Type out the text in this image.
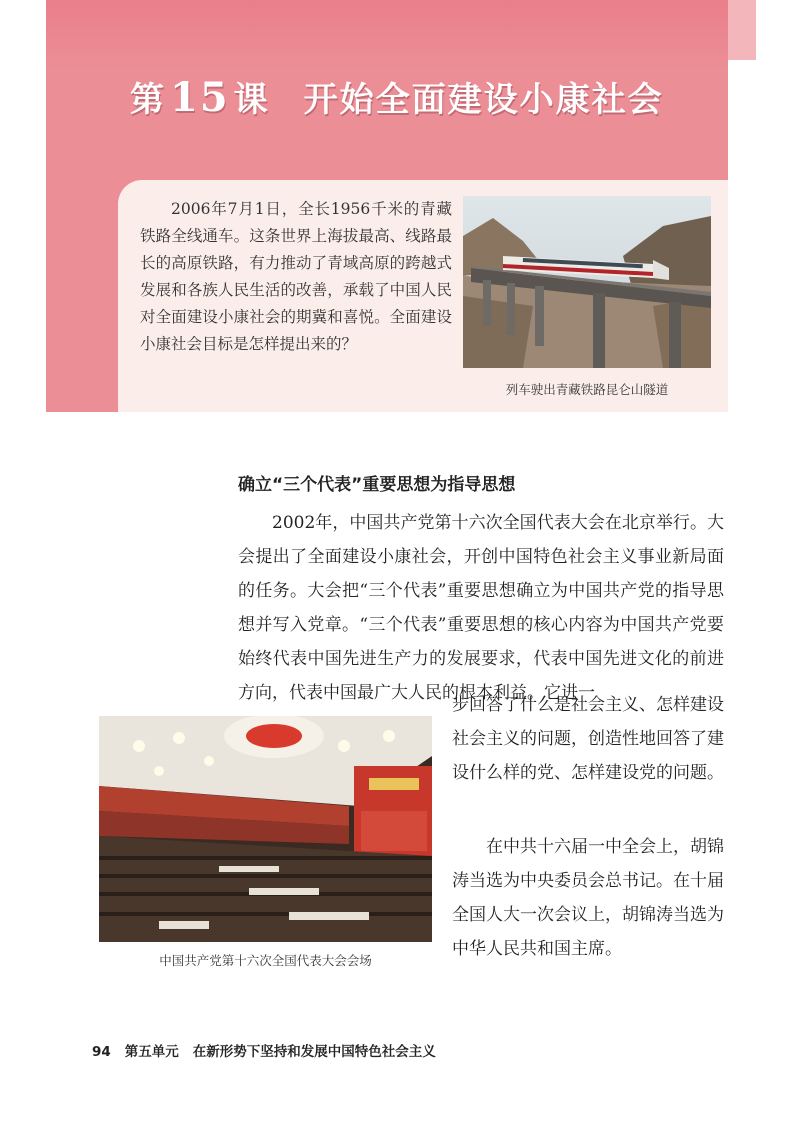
第 15 课 开始全面建设小康社会

2006年7月1日，全长1956千米的青藏铁路全线通车。这条世界上海拔最高、线路最长的高原铁路，有力推动了青域高原的跨越式发展和各族人民生活的改善，承载了中国人民对全面建设小康社会的期冀和喜悦。全面建设小康社会目标是怎样提出来的？

列车驶出青藏铁路昆仑山隧道
确立“三个代表”重要思想为指导思想

2002年，中国共产党第十六次全国代表大会在北京举行。大会提出了全面建设小康社会，开创中国特色社会主义事业新局面的任务。大会把“三个代表”重要思想确立为中国共产党的指导思想并写入党章。“三个代表”重要思想的核心内容为中国共产党要始终代表中国先进生产力的发展要求，代表中国先进文化的前进方向，代表中国最广大人民的根本利益。它进一

步回答了什么是社会主义、怎样建设社会主义的问题，创造性地回答了建设什么样的党、怎样建设党的问题。

在中共十六届一中全会上，胡锦涛当选为中央委员会总书记。在十届全国人大一次会议上，胡锦涛当选为中华人民共和国主席。

中国共产党第十六次全国代表大会会场
94 第五单元 在新形势下坚持和发展中国特色社会主义
